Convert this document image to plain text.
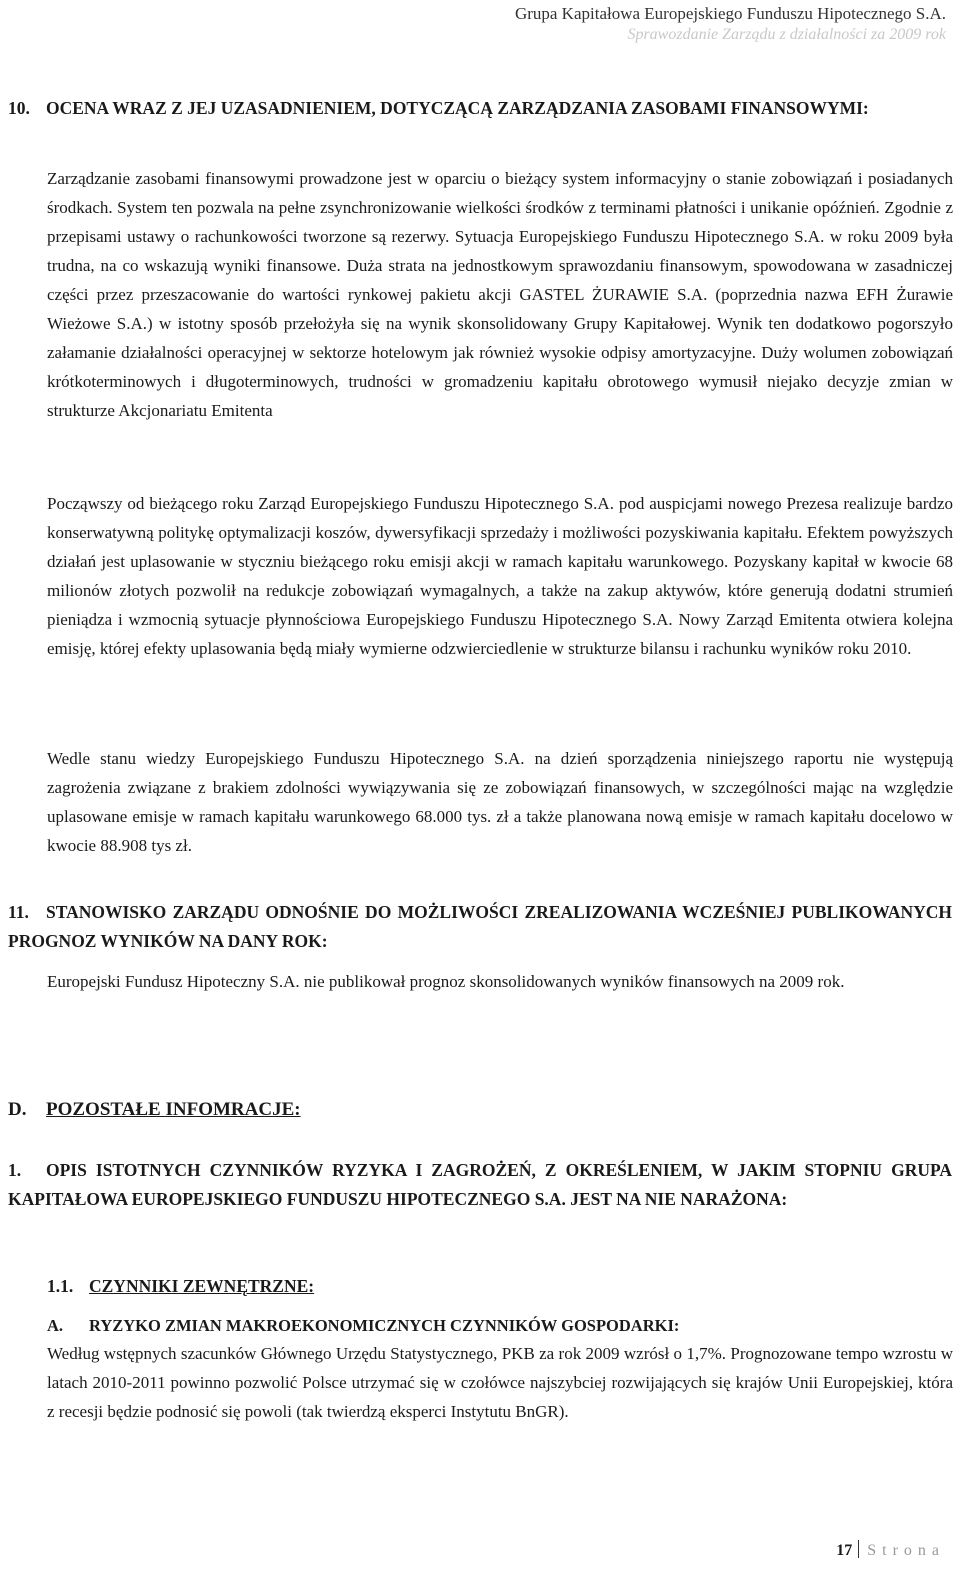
Grupa Kapitałowa Europejskiego Funduszu Hipotecznego S.A.
Sprawozdanie Zarządu z działalności za 2009 rok
10. OCENA WRAZ Z JEJ UZASADNIENIEM, DOTYCZĄCĄ ZARZĄDZANIA ZASOBAMI FINANSOWYMI:
Zarządzanie zasobami finansowymi prowadzone jest w oparciu o bieżący system informacyjny o stanie zobowiązań i posiadanych środkach. System ten pozwala na pełne zsynchronizowanie wielkości środków z terminami płatności i unikanie opóźnień. Zgodnie z przepisami ustawy o rachunkowości tworzone są rezerwy. Sytuacja Europejskiego Funduszu Hipotecznego S.A. w roku 2009 była trudna, na co wskazują wyniki finansowe. Duża strata na jednostkowym sprawozdaniu finansowym, spowodowana w zasadniczej części przez przeszacowanie do wartości rynkowej pakietu akcji GASTEL ŻURAWIE S.A. (poprzednia nazwa EFH Żurawie Wieżowe S.A.) w istotny sposób przełożyła się na wynik skonsolidowany Grupy Kapitałowej. Wynik ten dodatkowo pogorszyło załamanie działalności operacyjnej w sektorze hotelowym jak również wysokie odpisy amortyzacyjne. Duży wolumen zobowiązań krótkoterminowych i długoterminowych, trudności w gromadzeniu kapitału obrotowego wymusił niejako decyzje zmian w strukturze Akcjonariatu Emitenta
Począwszy od bieżącego roku Zarząd Europejskiego Funduszu Hipotecznego S.A. pod auspicjami nowego Prezesa realizuje bardzo konserwatywną politykę optymalizacji koszów, dywersyfikacji sprzedaży i możliwości pozyskiwania kapitału. Efektem powyższych działań jest uplasowanie w styczniu bieżącego roku emisji akcji w ramach kapitału warunkowego. Pozyskany kapitał w kwocie 68 milionów złotych pozwolił na redukcje zobowiązań wymagalnych, a także na zakup aktywów, które generują dodatni strumień pieniądza i wzmocnią sytuacje płynnościowa Europejskiego Funduszu Hipotecznego S.A. Nowy Zarząd Emitenta otwiera kolejna emisję, której efekty uplasowania będą miały wymierne odzwierciedlenie w strukturze bilansu i rachunku wyników roku 2010.
Wedle stanu wiedzy Europejskiego Funduszu Hipotecznego S.A. na dzień sporządzenia niniejszego raportu nie występują zagrożenia związane z brakiem zdolności wywiązywania się ze zobowiązań finansowych, w szczególności mając na względzie uplasowane emisje w ramach kapitału warunkowego 68.000 tys. zł a także planowana nową emisje w ramach kapitału docelowo w kwocie 88.908 tys zł.
11. STANOWISKO ZARZĄDU ODNOŚNIE DO MOŻLIWOŚCI ZREALIZOWANIA WCZEŚNIEJ PUBLIKOWANYCH PROGNOZ WYNIKÓW NA DANY ROK:
Europejski Fundusz Hipoteczny S.A. nie publikował prognoz skonsolidowanych wyników finansowych na 2009 rok.
D. POZOSTAŁE INFOMRACJE:
1. OPIS ISTOTNYCH CZYNNIKÓW RYZYKA I ZAGROŻEŃ, Z OKREŚLENIEM, W JAKIM STOPNIU GRUPA KAPITAŁOWA EUROPEJSKIEGO FUNDUSZU HIPOTECZNEGO S.A. JEST NA NIE NARAŻONA:
1.1. CZYNNIKI ZEWNĘTRZNE:
A. RYZYKO ZMIAN MAKROEKONOMICZNYCH CZYNNIKÓW GOSPODARKI:
Według wstępnych szacunków Głównego Urzędu Statystycznego, PKB za rok 2009 wzrósł o 1,7%. Prognozowane tempo wzrostu w latach 2010-2011 powinno pozwolić Polsce utrzymać się w czołówce najszybciej rozwijających się krajów Unii Europejskiej, która z recesji będzie podnosić się powoli (tak twierdzą eksperci Instytutu BnGR).
17 Strona
